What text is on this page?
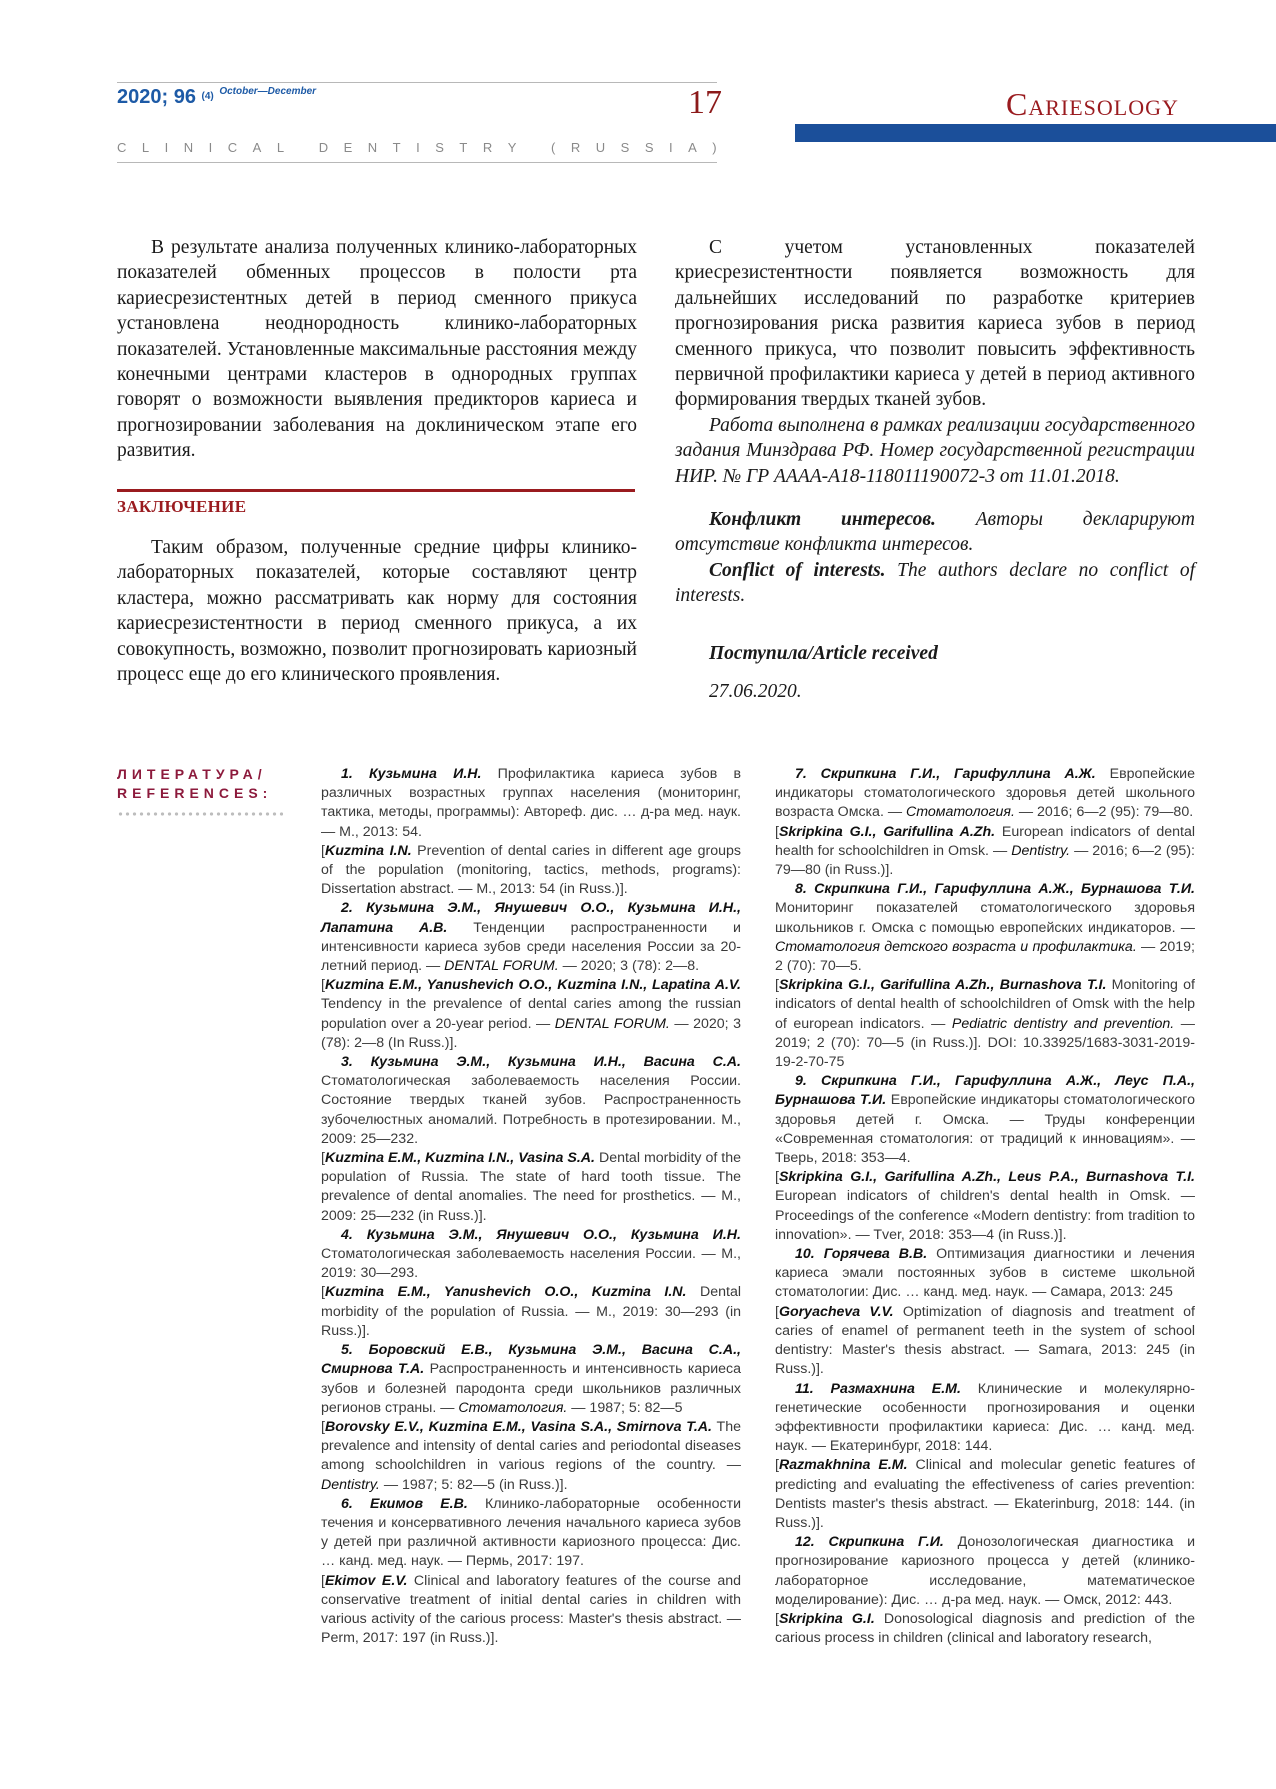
2020; 96 $^{(4)}$ $^{October—December}$	17
C L I N I C A L
	D E N T I S T R Y
	( R U S S I A )
Cariesology

В результате анализа полученных клинико-лабораторных показателей обменных процессов в полости рта кариесрезистентных детей в период сменного прикуса установлена неоднородность клинико-лабораторных показателей. Установленные максимальные расстояния между конечными центрами кластеров в однородных группах говорят о возможности выявления предикторов кариеса и прогнозировании заболевания на доклиническом этапе его развития.

ЗАКЛЮЧЕНИЕ

Таким образом, полученные средние цифры клинико-лабораторных показателей, которые составляют центр кластера, можно рассматривать как норму для состояния кариесрезистентности в период сменного прикуса, а их совокупность, возможно, позволит прогнозировать кариозный процесс еще до его клинического проявления.

С учетом установленных показателей криесрезистентности появляется возможность для дальнейших исследований по разработке критериев прогнозирования риска развития кариеса зубов в период сменного прикуса, что позволит повысить эффективность первичной профилактики кариеса у детей в период активного формирования твердых тканей зубов.

Работа выполнена в рамках реализации государственного задания Минздрава РФ. Номер государственной регистрации НИР. № ГР АААА-А18-118011190072-3 от 11.01.2018.

Конфликт интересов. Авторы декларируют отсутствие конфликта интересов.

Conflict of interests. The authors declare no conflict of interests.

Поступила/Article received
27.06.2020.
ЛИТЕРАТУРА/
REFERENCES:

1. Кузьмина И.Н. Профилактика кариеса зубов в различных возрастных группах населения (мониторинг, тактика, методы, программы): Автореф. дис. … д-ра мед. наук. — М., 2013: 54.

[Kuzmina I.N. Prevention of dental caries in different age groups of the population (monitoring, tactics, methods, programs): Dissertation abstract. — M., 2013: 54 (in Russ.)].

2. Кузьмина Э.М., Янушевич О.О., Кузьмина И.Н., Лапатина А.В. Тенденции распространенности и интенсивности кариеса зубов среди населения России за 20-летний период. — DENTAL FORUM. — 2020; 3 (78): 2—8.

[Kuzmina E.M., Yanushevich O.O., Kuzmina I.N., Lapatina A.V. Tendency in the prevalence of dental caries among the russian population over a 20-year period. — DENTAL FORUM. — 2020; 3 (78): 2—8 (In Russ.)].

3. Кузьмина Э.М., Кузьмина И.Н., Васина С.А. Стоматологическая заболеваемость населения России. Состояние твердых тканей зубов. Распространенность зубочелюстных аномалий. Потребность в протезировании. М., 2009: 25—232.

[Kuzmina E.M., Kuzmina I.N., Vasina S.A. Dental morbidity of the population of Russia. The state of hard tooth tissue. The prevalence of dental anomalies. The need for prosthetics. — M., 2009: 25—232 (in Russ.)].

4. Кузьмина Э.М., Янушевич О.О., Кузьмина И.Н. Стоматологическая заболеваемость населения России. — М., 2019: 30—293.

[Kuzmina E.M., Yanushevich O.O., Kuzmina I.N. Dental morbidity of the population of Russia. — M., 2019: 30—293 (in Russ.)].

5. Боровский Е.В., Кузьмина Э.М., Васина С.А., Смирнова Т.А. Распространенность и интенсивность кариеса зубов и болезней пародонта среди школьников различных регионов страны. — Стоматология. — 1987; 5: 82—5

[Borovsky E.V., Kuzmina E.M., Vasina S.A., Smirnova T.A. The prevalence and intensity of dental caries and periodontal diseases among schoolchildren in various regions of the country. — Dentistry. — 1987; 5: 82—5 (in Russ.)].

6. Екимов Е.В. Клинико-лабораторные особенности течения и консервативного лечения начального кариеса зубов у детей при различной активности кариозного процесса: Дис. … канд. мед. наук. — Пермь, 2017: 197.

[Ekimov E.V. Clinical and laboratory features of the course and conservative treatment of initial dental caries in children with various activity of the carious process: Master's thesis abstract. — Perm, 2017: 197 (in Russ.)].

7. Скрипкина Г.И., Гарифуллина А.Ж. Европейские индикаторы стоматологического здоровья детей школьного возраста Омска. — Стоматология. — 2016; 6—2 (95): 79—80.

[Skripkina G.I., Garifullina A.Zh. European indicators of dental health for schoolchildren in Omsk. — Dentistry. — 2016; 6—2 (95): 79—80 (in Russ.)].

8. Скрипкина Г.И., Гарифуллина А.Ж., Бурнашова Т.И. Мониторинг показателей стоматологического здоровья школьников г. Омска с помощью европейских индикаторов. — Стоматология детского возраста и профилактика. — 2019; 2 (70): 70—5.

[Skripkina G.I., Garifullina A.Zh., Burnashova T.I. Monitoring of indicators of dental health of schoolchildren of Omsk with the help of european indicators. — Pediatric dentistry and prevention. — 2019; 2 (70): 70—5 (in Russ.)]. DOI: 10.33925/1683-3031-2019-19-2-70-75

9. Скрипкина Г.И., Гарифуллина А.Ж., Леус П.А., Бурнашова Т.И. Европейские индикаторы стоматологического здоровья детей г. Омска. — Труды конференции «Современная стоматология: от традиций к инновациям». — Тверь, 2018: 353—4.

[Skripkina G.I., Garifullina A.Zh., Leus P.A., Burnashova T.I. European indicators of children's dental health in Omsk. — Proceedings of the conference «Modern dentistry: from tradition to innovation». — Tver, 2018: 353—4 (in Russ.)].

10. Горячева В.В. Оптимизация диагностики и лечения кариеса эмали постоянных зубов в системе школьной стоматологии: Дис. … канд. мед. наук. — Самара, 2013: 245

[Goryacheva V.V. Optimization of diagnosis and treatment of caries of enamel of permanent teeth in the system of school dentistry: Master's thesis abstract. — Samara, 2013: 245 (in Russ.)].

11. Размахнина Е.М. Клинические и молекулярно-генетические особенности прогнозирования и оценки эффективности профилактики кариеса: Дис. … канд. мед. наук. — Екатеринбург, 2018: 144.

[Razmakhnina E.M. Clinical and molecular genetic features of predicting and evaluating the effectiveness of caries prevention: Dentists master's thesis abstract. — Ekaterinburg, 2018: 144. (in Russ.)].

12. Скрипкина Г.И. Донозологическая диагностика и прогнозирование кариозного процесса у детей (клинико-лабораторное исследование, математическое моделирование): Дис. … д-ра мед. наук. — Омск, 2012: 443.

[Skripkina G.I. Donosological diagnosis and prediction of the carious process in children (clinical and laboratory research,
